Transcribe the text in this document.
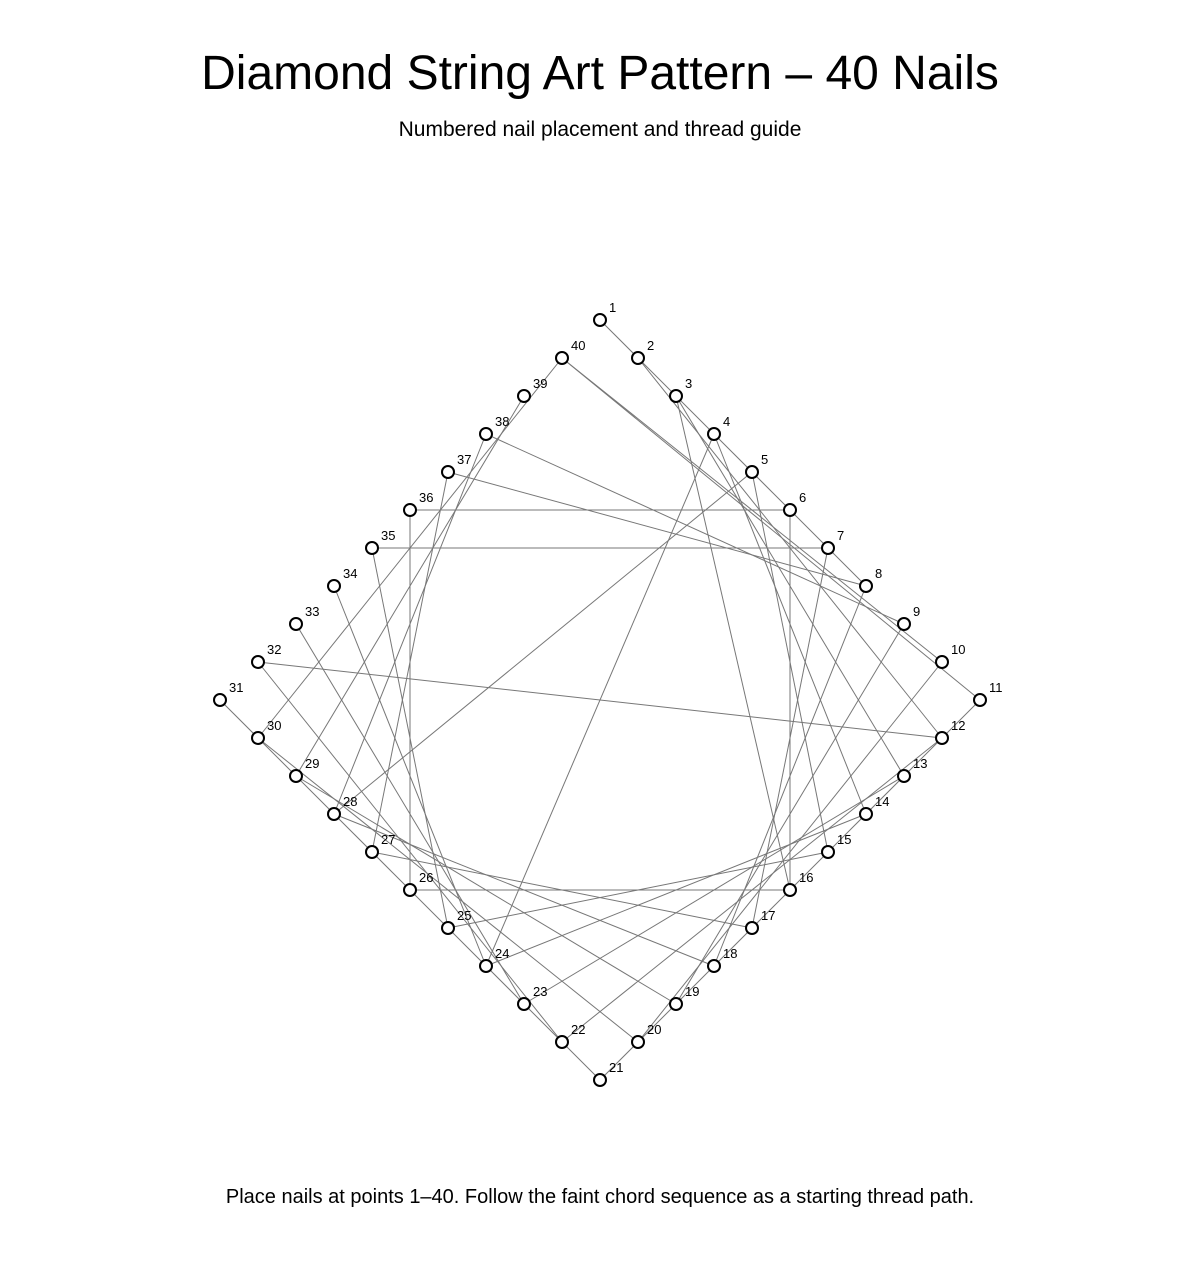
Diamond String Art Pattern – 40 Nails
Numbered nail placement and thread guide
1
2
3
4
5
6
7
8
9
10
11
12
13
14
15
16
17
18
19
20
21
22
23
24
25
26
27
28
29
30
31
32
33
34
35
36
37
38
39
40
Place nails at points 1–40. Follow the faint chord sequence as a starting thread path.
